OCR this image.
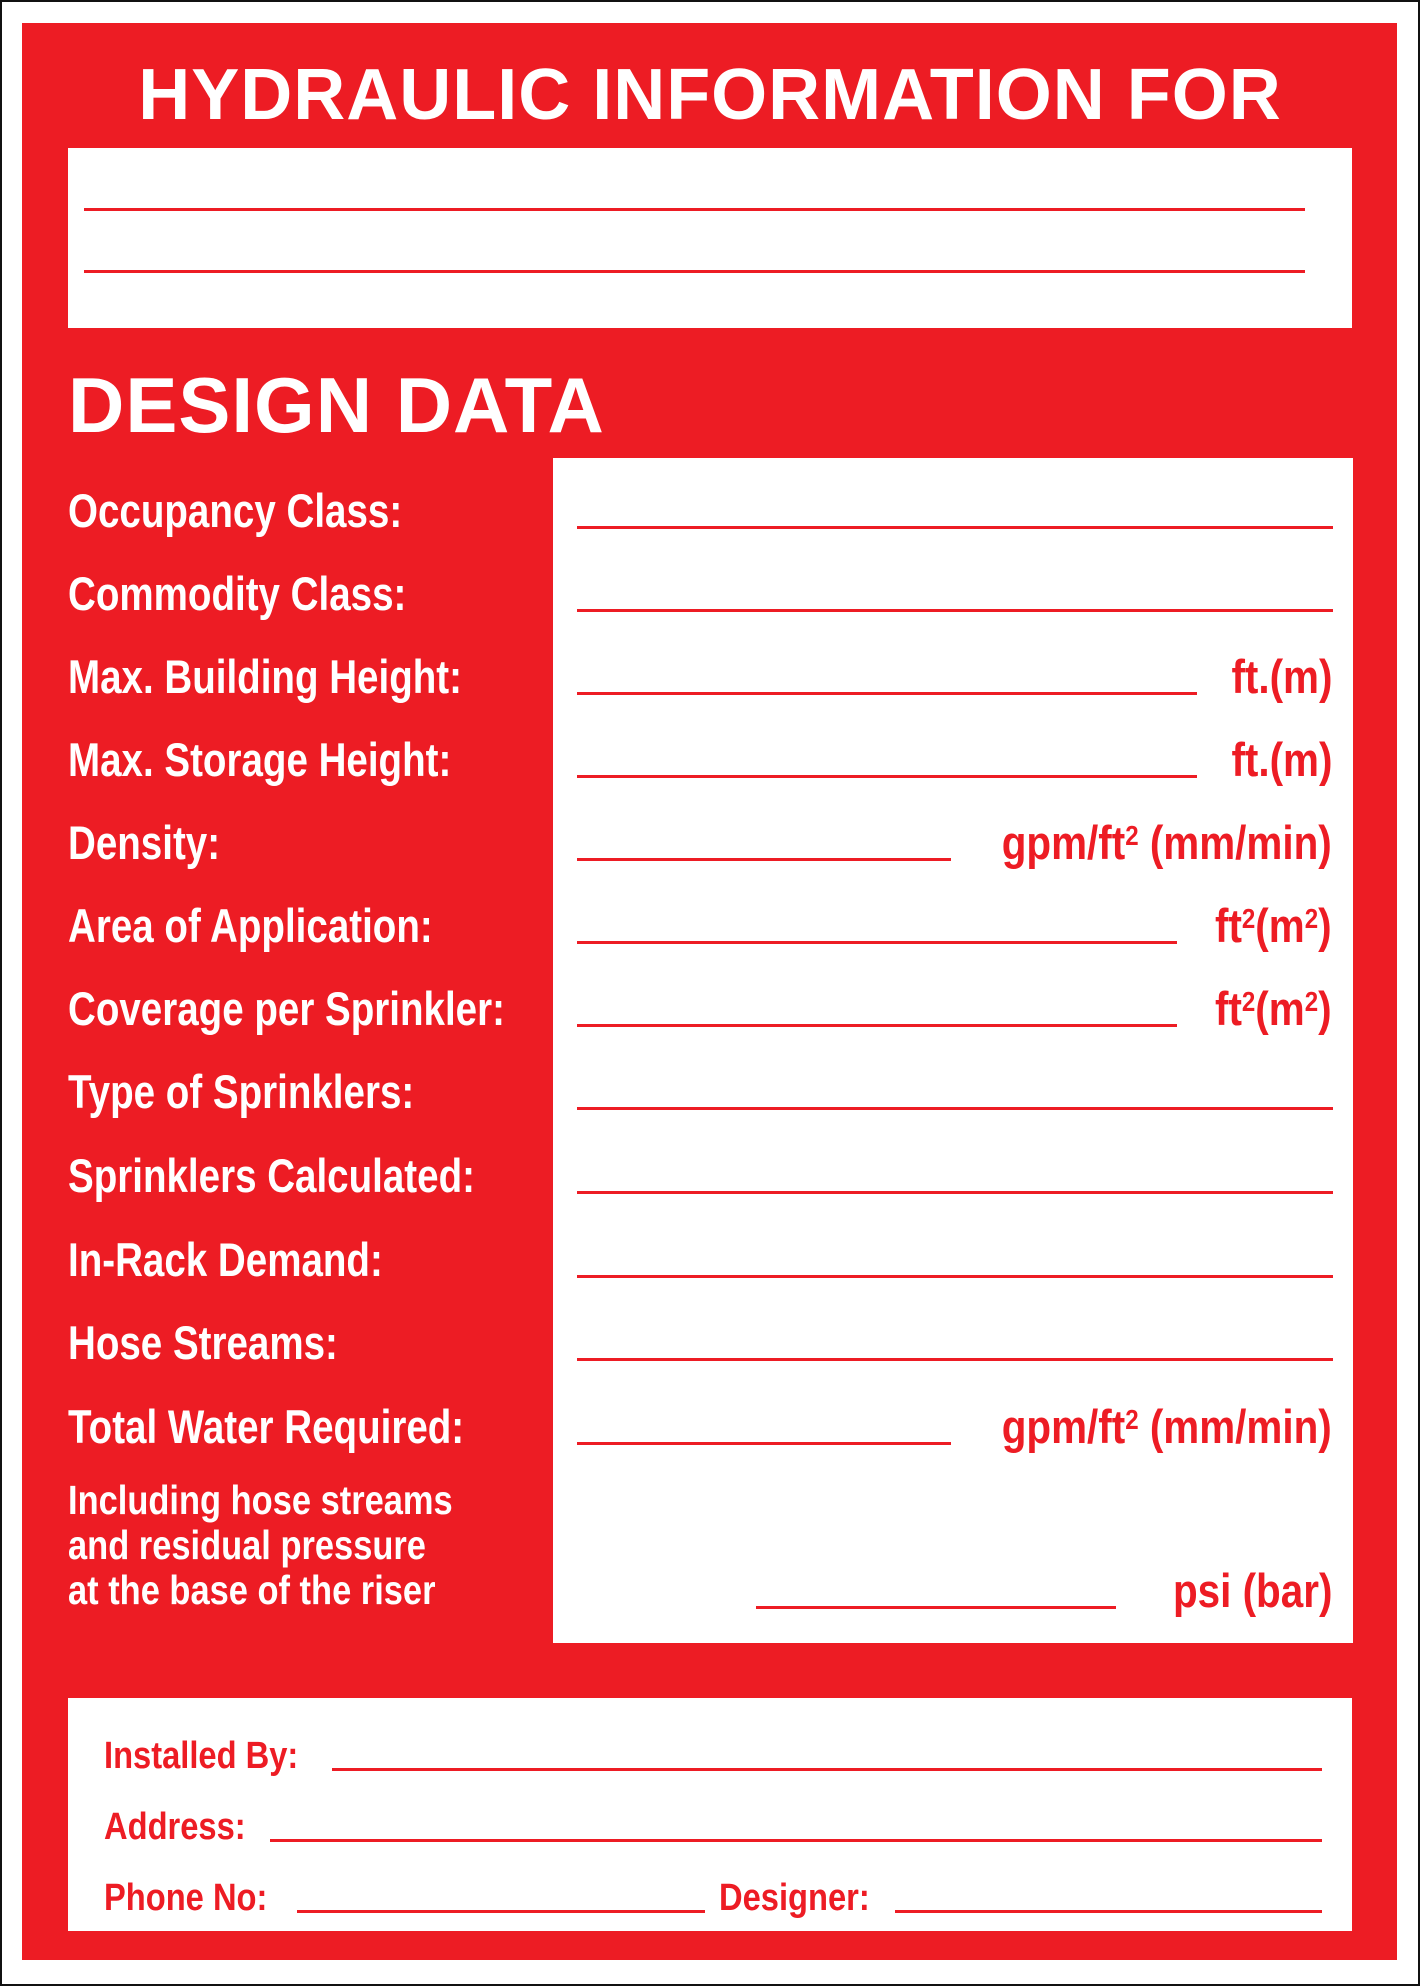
HYDRAULIC INFORMATION FOR
DESIGN DATA
Occupancy Class:
Commodity Class:
Max. Building Height:	ft.(m)
Max. Storage Height:	ft.(m)
Density:	gpm/$ft^2$ (mm/min)
Area of Application:	$ft^2(m^2)$
Coverage per Sprinkler:	$ft^2(m^2)$
Type of Sprinklers:
Sprinklers Calculated:
In-Rack Demand:
Hose Streams:
Total Water Required:	gpm/$ft^2$ (mm/min)
Including hose streams
and residual pressure
at the base of the riser	psi (bar)
Installed By:
Address:
Phone No:	Designer:
